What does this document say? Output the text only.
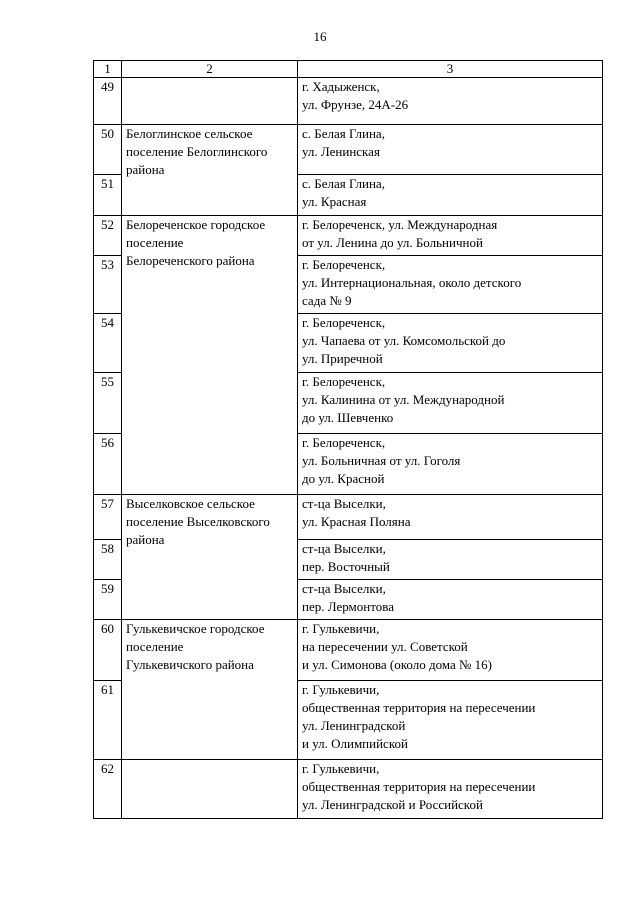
16
1	2	3
49		г. Хадыженск,
ул. Фрунзе, 24А-26

50	Белоглинское сельское
поселение Белоглинского
района	с. Белая Глина,
ул. Ленинская

51		с. Белая Глина,
ул. Красная

52	Белореченское городское
поселение
Белореченского района	г. Белореченск, ул. Международная
от ул. Ленина до ул. Больничной

53		г. Белореченск,
ул. Интернациональная, около детского
сада № 9

54		г. Белореченск,
ул. Чапаева от ул. Комсомольской до
ул. Приречной

55		г. Белореченск,
ул. Калинина от ул. Международной
до ул. Шевченко

56		г. Белореченск,
ул. Больничная от ул. Гоголя
до ул. Красной

57	Выселковское сельское
поселение Выселковского
района	ст-ца Выселки,
ул. Красная Поляна

58		ст-ца Выселки,
пер. Восточный

59		ст-ца Выселки,
пер. Лермонтова

60	Гулькевичское городское
поселение
Гулькевичского района	г. Гулькевичи,
на пересечении ул. Советской
и ул. Симонова (около дома № 16)

61		г. Гулькевичи,
общественная территория на пересечении
ул. Ленинградской
и ул. Олимпийской

62		г. Гулькевичи,
общественная территория на пересечении
ул. Ленинградской и Российской
